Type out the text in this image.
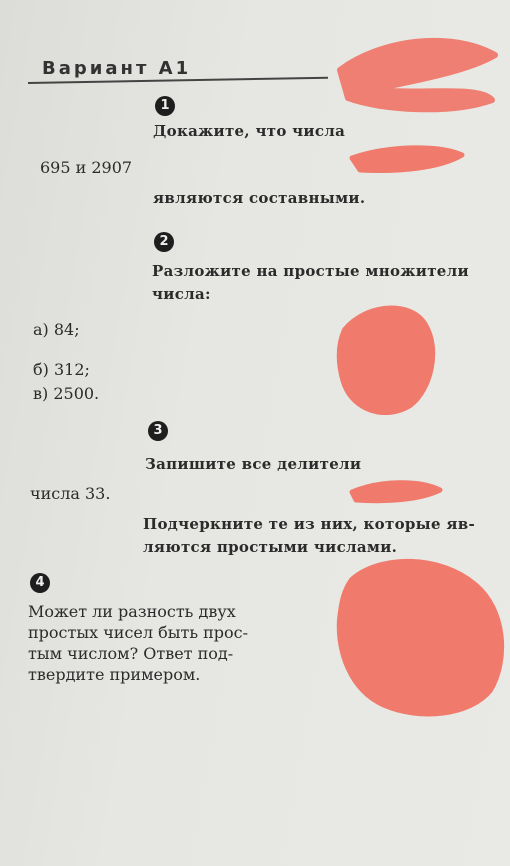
Вариант А1
1
Докажите, что числа
695 и 2907
являются составными.
2
Разложите на простые множители
числа:
а) 84;
б) 312;
в) 2500.
3
Запишите все делители
числа 33.
Подчеркните те из них, которые яв-
ляются простыми числами.
4
Может ли разность двух
простых чисел быть прос-
тым числом? Ответ под-
твердите примером.
